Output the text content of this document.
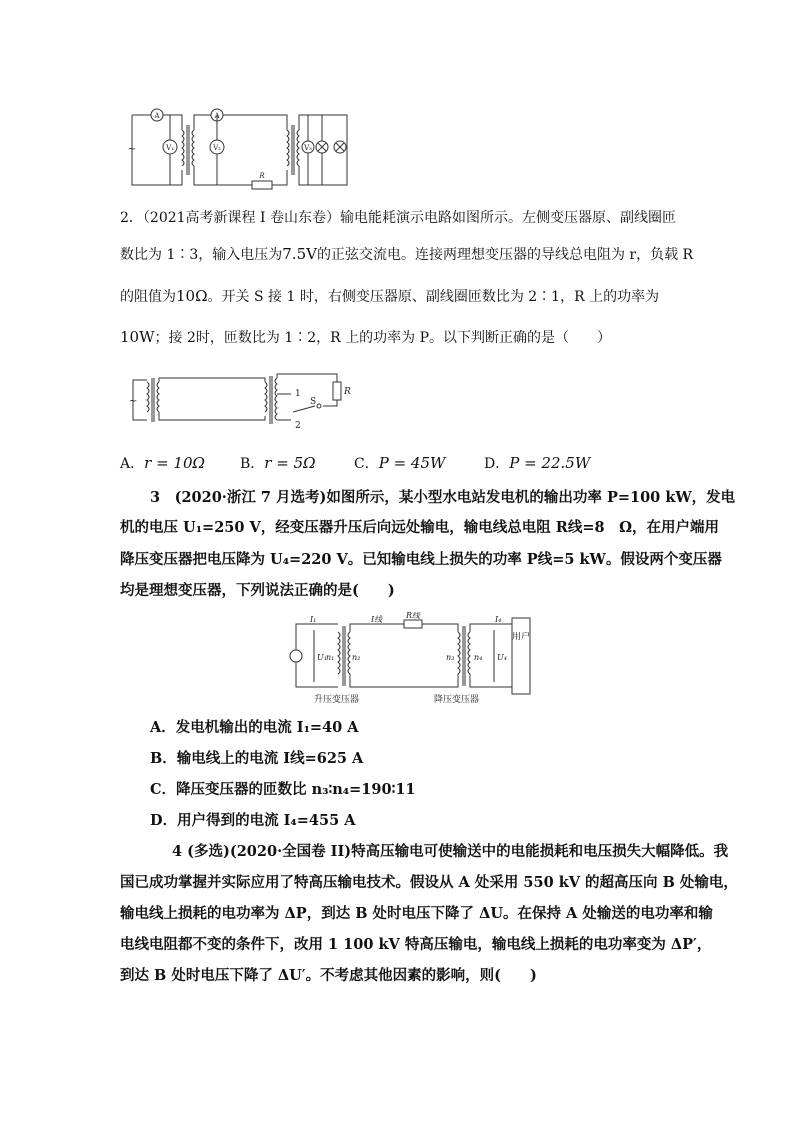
A
V₁
A
V₂	V₃
R
~
2．（2021高考新课程 I 卷山东卷）输电能耗演示电路如图所示。左侧变压器原、副线圈匝
数比为 1∶3，输入电压为7.5V的正弦交流电。连接两理想变压器的导线总电阻为 r，负载 R
的阻值为10Ω。开关 S 接 1 时，右侧变压器原、副线圈匝数比为 2∶1，R 上的功率为
10W；接 2时，匝数比为 1∶2，R 上的功率为 P。以下判断正确的是（　　）
1
2
S
R
~
A．r = 10Ω	B．r = 5Ω	C．P = 45W	D．P = 22.5W
3　(2020·浙江 7 月选考)如图所示，某小型水电站发电机的输出功率 P=100 kW，发电
机的电压 U₁=250 V，经变压器升压后向远处输电，输电线总电阻 R线=8　Ω，在用户端用
降压变压器把电压降为 U₄=220 V。已知输电线上损失的功率 P线=5 kW。假设两个变压器
均是理想变压器，下列说法正确的是(　　)
I₁	I线	R线	I₄
U₁ n₁ n₂	n₃ n₄ U₄
升压变压器	降压变压器
用户
A．发电机输出的电流 I₁=40 A
B．输电线上的电流 I线=625 A
C．降压变压器的匝数比 n₃∶n₄=190∶11
D．用户得到的电流 I₄=455 A
4 (多选)(2020·全国卷 II)特高压输电可使输送中的电能损耗和电压损失大幅降低。我
国已成功掌握并实际应用了特高压输电技术。假设从 A 处采用 550 kV 的超高压向 B 处输电，
输电线上损耗的电功率为 ΔP，到达 B 处时电压下降了 ΔU。在保持 A 处输送的电功率和输
电线电阻都不变的条件下，改用 1 100 kV 特高压输电，输电线上损耗的电功率变为 ΔP′，
到达 B 处时电压下降了 ΔU′。不考虑其他因素的影响，则(　　)
